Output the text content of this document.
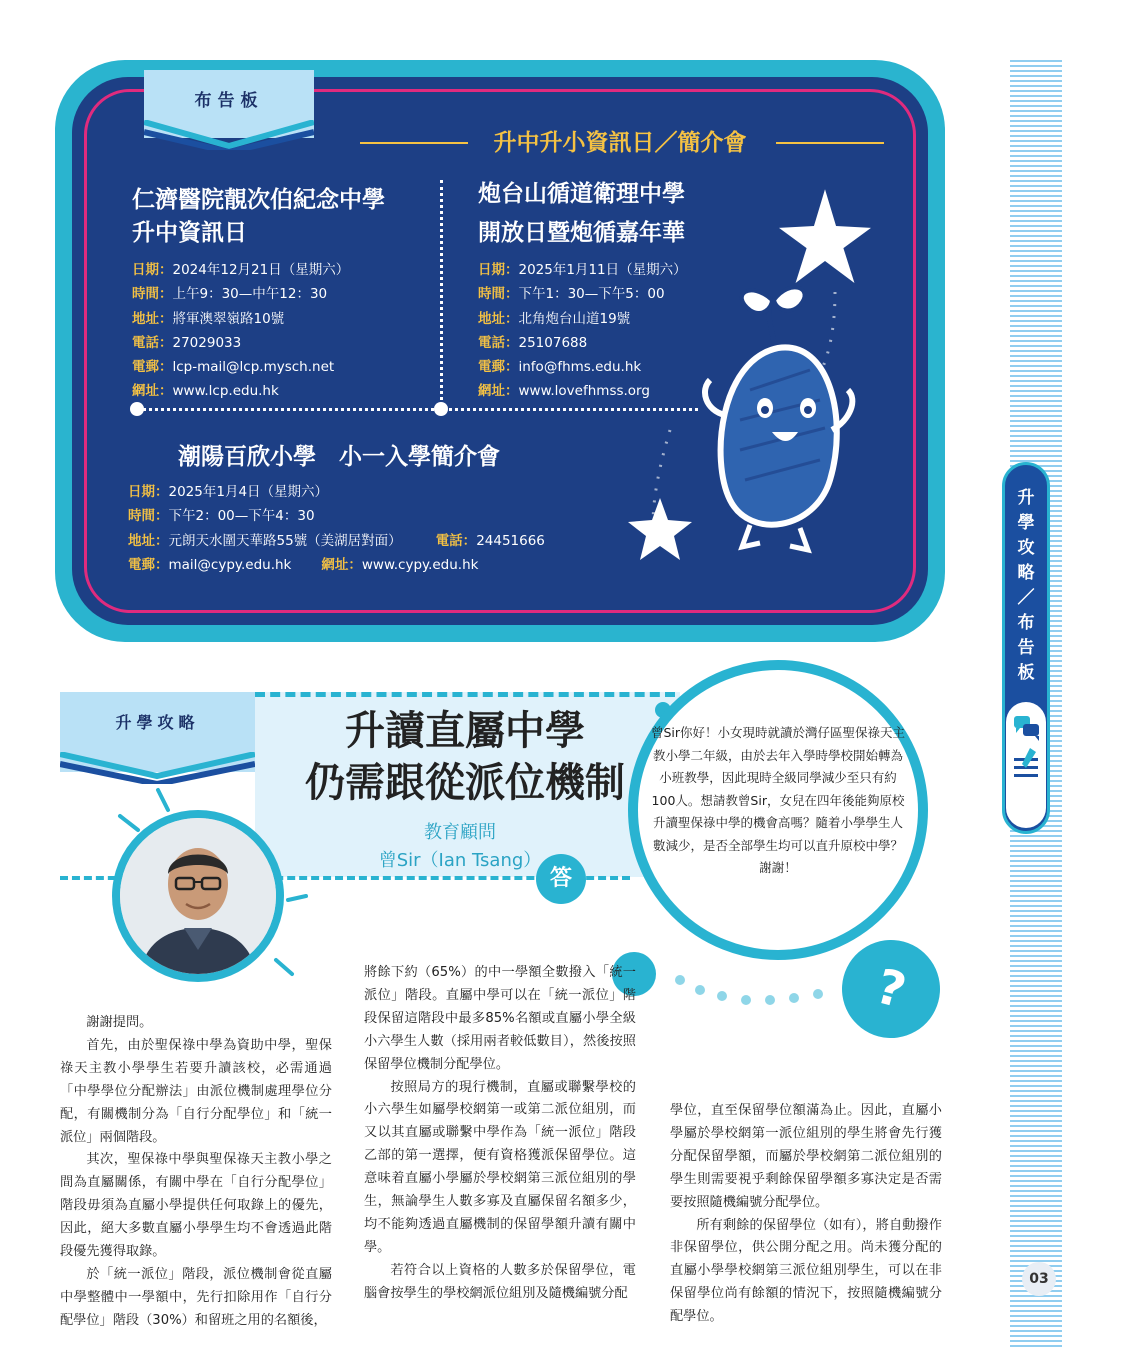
升學攻略／布告板
03
布告板
升中升小資訊日／簡介會
仁濟醫院靚次伯紀念中學
升中資訊日
日期：2024年12月21日（星期六）
時間：上午9：30—中午12：30
地址：將軍澳翠嶺路10號
電話：27029033
電郵：lcp-mail@lcp.mysch.net
網址：www.lcp.edu.hk
炮台山循道衛理中學
開放日暨炮循嘉年華
日期：2025年1月11日（星期六）
時間：下午1：30—下午5：00
地址：北角炮台山道19號
電話：25107688
電郵：info@fhms.edu.hk
網址：www.lovefhmss.org
潮陽百欣小學　小一入學簡介會
日期：2025年1月4日（星期六）
時間：下午2：00—下午4：30
地址：元朗天水圍天華路55號（美湖居對面）	電話：24451666
電郵：mail@cypy.edu.hk 網址：www.cypy.edu.hk
升學攻略	升讀直屬中學
仍需跟從派位機制
教育顧問
曾Sir（Ian Tsang）
答
曾Sir你好！小女現時就讀於灣仔區聖保祿天主教小學二年級，由於去年入學時學校開始轉為小班教學，因此現時全級同學減少至只有約100人。想請教曾Sir，女兒在四年後能夠原校升讀聖保祿中學的機會高嗎？隨着小學學生人數減少，是否全部學生均可以直升原校中學？謝謝！
?
謝謝提問。
首先，由於聖保祿中學為資助中學，聖保祿天主教小學學生若要升讀該校，必需通過「中學學位分配辦法」由派位機制處理學位分配，有關機制分為「自行分配學位」和「統一派位」兩個階段。
其次，聖保祿中學與聖保祿天主教小學之間為直屬關係，有關中學在「自行分配學位」階段毋須為直屬小學提供任何取錄上的優先，因此，絕大多數直屬小學學生均不會透過此階段優先獲得取錄。
於「統一派位」階段，派位機制會從直屬中學整體中一學額中，先行扣除用作「自行分配學位」階段（30%）和留班之用的名額後，
將餘下約（65%）的中一學額全數撥入「統一派位」階段。直屬中學可以在「統一派位」階段保留這階段中最多85%名額或直屬小學全級小六學生人數（採用兩者較低數目），然後按照保留學位機制分配學位。
按照局方的現行機制，直屬或聯繫學校的小六學生如屬學校網第一或第二派位組別，而又以其直屬或聯繫中學作為「統一派位」階段乙部的第一選擇，便有資格獲派保留學位。這意味着直屬小學屬於學校網第三派位組別的學生，無論學生人數多寡及直屬保留名額多少，均不能夠透過直屬機制的保留學額升讀有關中學。
若符合以上資格的人數多於保留學位，電腦會按學生的學校網派位組別及隨機編號分配
學位，直至保留學位額滿為止。因此，直屬小學屬於學校網第一派位組別的學生將會先行獲分配保留學額，而屬於學校網第二派位組別的學生則需要視乎剩餘保留學額多寡決定是否需要按照隨機編號分配學位。
所有剩餘的保留學位（如有），將自動撥作非保留學位，供公開分配之用。尚未獲分配的直屬小學學校網第三派位組別學生，可以在非保留學位尚有餘額的情況下，按照隨機編號分配學位。
